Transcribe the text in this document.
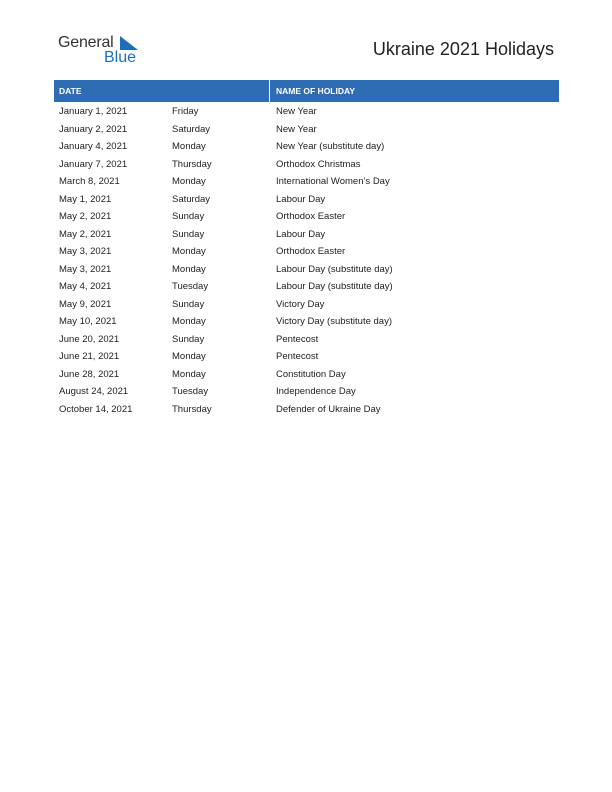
General
Blue	Ukraine 2021 Holidays
DATE	NAME OF HOLIDAY
January 1, 2021	Friday	New Year
January 2, 2021	Saturday	New Year
January 4, 2021	Monday	New Year (substitute day)
January 7, 2021	Thursday	Orthodox Christmas
March 8, 2021	Monday	International Women’s Day
May 1, 2021	Saturday	Labour Day
May 2, 2021	Sunday	Orthodox Easter
May 2, 2021	Sunday	Labour Day
May 3, 2021	Monday	Orthodox Easter
May 3, 2021	Monday	Labour Day (substitute day)
May 4, 2021	Tuesday	Labour Day (substitute day)
May 9, 2021	Sunday	Victory Day
May 10, 2021	Monday	Victory Day (substitute day)
June 20, 2021	Sunday	Pentecost
June 21, 2021	Monday	Pentecost
June 28, 2021	Monday	Constitution Day
August 24, 2021	Tuesday	Independence Day
October 14, 2021	Thursday	Defender of Ukraine Day
